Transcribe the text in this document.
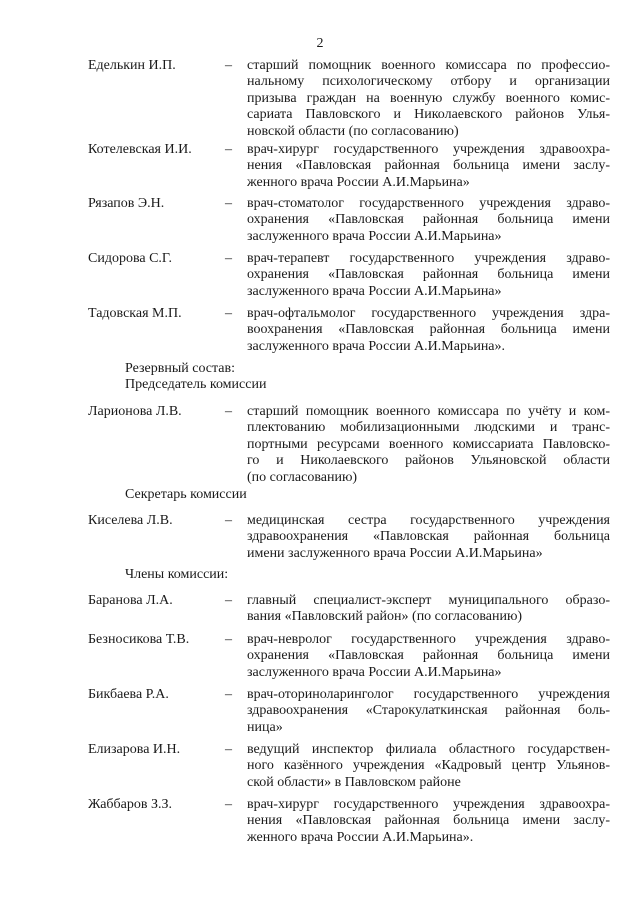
2
Еделькин И.П.	– старший помощник военного комиссара по профессио-
нальному психологическому отбору и организации
призыва граждан на военную службу военного комис-
сариата Павловского и Николаевского районов Улья-
новской области (по согласованию)
Котелевская И.И. – врач-хирург государственного учреждения здравоохра-
нения «Павловская районная больница имени заслу-
женного врача России А.И.Марьина»
Рязапов Э.Н.	– врач-стоматолог государственного учреждения здраво-
охранения «Павловская районная больница имени
заслуженного врача России А.И.Марьина»
Сидорова С.Г.	– врач-терапевт государственного учреждения здраво-
охранения «Павловская районная больница имени
заслуженного врача России А.И.Марьина»
Тадовская М.П.	– врач-офтальмолог государственного учреждения здра-
воохранения «Павловская районная больница имени
заслуженного врача России А.И.Марьина».
Резервный состав:
Председатель комиссии
Ларионова Л.В.	– старший помощник военного комиссара по учёту и ком-
плектованию мобилизационными людскими и транс-
портными ресурсами военного комиссариата Павловско-
го и Николаевского районов Ульяновской области
(по согласованию)
Секретарь комиссии
Киселева Л.В.	– медицинская сестра государственного учреждения
здравоохранения «Павловская районная больница
имени заслуженного врача России А.И.Марьина»
Члены комиссии:
Баранова Л.А.	– главный специалист-эксперт муниципального образо-
вания «Павловский район» (по согласованию)
Безносикова Т.В.	– врач-невролог государственного учреждения здраво-
охранения «Павловская районная больница имени
заслуженного врача России А.И.Марьина»
Бикбаева Р.А.	– врач-оториноларинголог государственного учреждения
здравоохранения «Старокулаткинская районная боль-
ница»
Елизарова И.Н.	– ведущий инспектор филиала областного государствен-
ного казённого учреждения «Кадровый центр Ульянов-
ской области» в Павловском районе
Жаббаров З.З.	– врач-хирург государственного учреждения здравоохра-
нения «Павловская районная больница имени заслу-
женного врача России А.И.Марьина».
